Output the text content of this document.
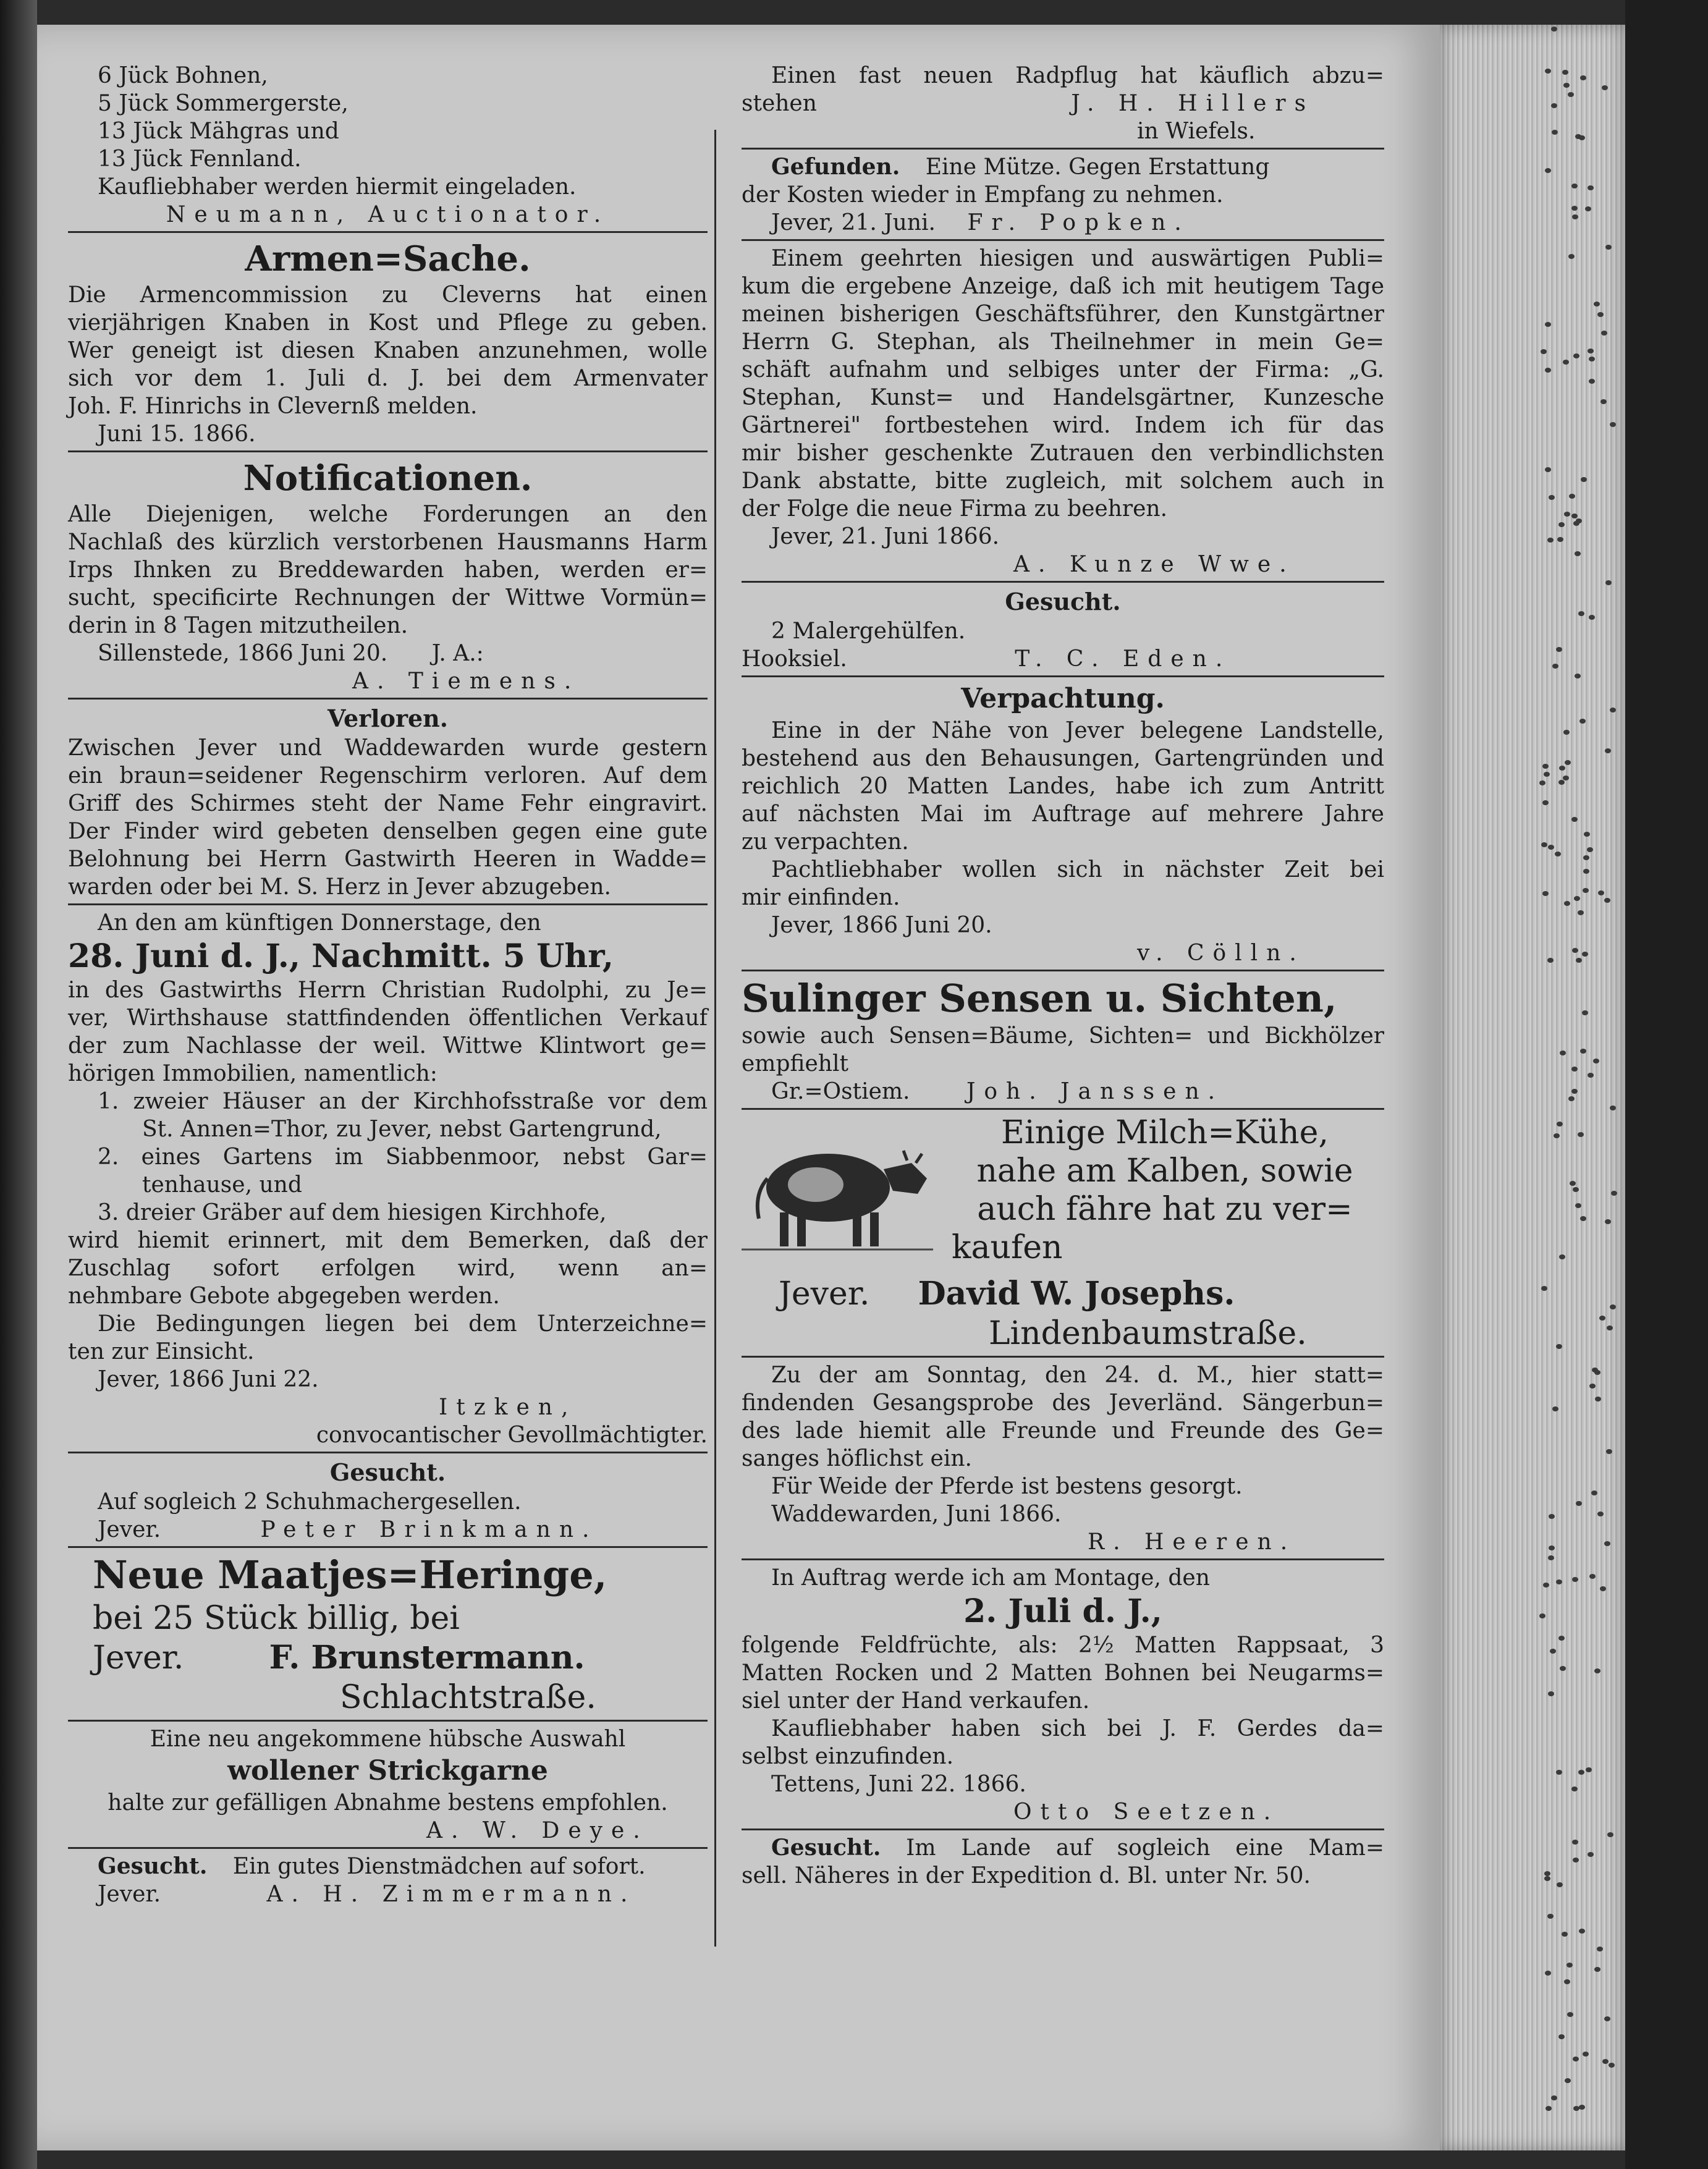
6 Jück Bohnen,
5 Jück Sommergerste,
13 Jück Mähgras und
13 Jück Fennland.
Kaufliebhaber werden hiermit eingeladen.
Neumann, Auctionator.
Armen=Sache.
Die Armencommission zu Cleverns hat einen
vierjährigen Knaben in Kost und Pflege zu geben.
Wer geneigt ist diesen Knaben anzunehmen, wolle
sich vor dem 1. Juli d. J. bei dem Armenvater
Joh. F. Hinrichs in Clevernß melden.
Juni 15. 1866.
Notificationen.
Alle Diejenigen, welche Forderungen an den
Nachlaß des kürzlich verstorbenen Hausmanns Harm
Irps Ihnken zu Breddewarden haben, werden er=
sucht, specificirte Rechnungen der Wittwe Vormün=
derin in 8 Tagen mitzutheilen.
Sillenstede, 1866 Juni 20. J. A.:
A. Tiemens.
Verloren.
Zwischen Jever und Waddewarden wurde gestern
ein braun=seidener Regenschirm verloren. Auf dem
Griff des Schirmes steht der Name Fehr eingravirt.
Der Finder wird gebeten denselben gegen eine gute
Belohnung bei Herrn Gastwirth Heeren in Wadde=
warden oder bei M. S. Herz in Jever abzugeben.
An den am künftigen Donnerstage, den
28. Juni d. J., Nachmitt. 5 Uhr,
in des Gastwirths Herrn Christian Rudolphi, zu Je=
ver, Wirthshause stattfindenden öffentlichen Verkauf
der zum Nachlasse der weil. Wittwe Klintwort ge=
hörigen Immobilien, namentlich:
1. zweier Häuser an der Kirchhofsstraße vor dem
St. Annen=Thor, zu Jever, nebst Gartengrund,
2. eines Gartens im Siabbenmoor, nebst Gar=
tenhause, und
3. dreier Gräber auf dem hiesigen Kirchhofe,
wird hiemit erinnert, mit dem Bemerken, daß der
Zuschlag sofort erfolgen wird, wenn an=
nehmbare Gebote abgegeben werden.
Die Bedingungen liegen bei dem Unterzeichne=
ten zur Einsicht.
Jever, 1866 Juni 22.
Itzken,
convocantischer Gevollmächtigter.
Gesucht.
Auf sogleich 2 Schuhmachergesellen.
Jever.	Peter Brinkmann.
Neue Maatjes=Heringe,
bei 25 Stück billig, bei
Jever.	F. Brunstermann.
Schlachtstraße.
Eine neu angekommene hübsche Auswahl
wollener Strickgarne
halte zur gefälligen Abnahme bestens empfohlen.
A. W. Deye.
Gesucht. Ein gutes Dienstmädchen auf sofort.
Jever.	A. H. Zimmermann.
Einen fast neuen Radpflug hat käuflich abzu=
stehen	J. H. Hillers
in Wiefels.
Gefunden. Eine Mütze. Gegen Erstattung
der Kosten wieder in Empfang zu nehmen.
Jever, 21. Juni. Fr. Popken.
Einem geehrten hiesigen und auswärtigen Publi=
kum die ergebene Anzeige, daß ich mit heutigem Tage
meinen bisherigen Geschäftsführer, den Kunstgärtner
Herrn G. Stephan, als Theilnehmer in mein Ge=
schäft aufnahm und selbiges unter der Firma: „G.
Stephan, Kunst= und Handelsgärtner, Kunzesche
Gärtnerei" fortbestehen wird. Indem ich für das
mir bisher geschenkte Zutrauen den verbindlichsten
Dank abstatte, bitte zugleich, mit solchem auch in
der Folge die neue Firma zu beehren.
Jever, 21. Juni 1866.
A. Kunze Wwe.
Gesucht.
2 Malergehülfen.
Hooksiel.	T. C. Eden.
Verpachtung.
Eine in der Nähe von Jever belegene Landstelle,
bestehend aus den Behausungen, Gartengründen und
reichlich 20 Matten Landes, habe ich zum Antritt
auf nächsten Mai im Auftrage auf mehrere Jahre
zu verpachten.
Pachtliebhaber wollen sich in nächster Zeit bei
mir einfinden.
Jever, 1866 Juni 20.
v. Cölln.
Sulinger Sensen u. Sichten,
sowie auch Sensen=Bäume, Sichten= und Bickhölzer
empfiehlt
Gr.=Ostiem.	Joh. Janssen.
Einige Milch=Kühe,
nahe am Kalben, sowie
auch fähre hat zu ver=
kaufen
Jever. David W. Josephs.
Lindenbaumstraße.
Zu der am Sonntag, den 24. d. M., hier statt=
findenden Gesangsprobe des Jeverländ. Sängerbun=
des lade hiemit alle Freunde und Freunde des Ge=
sanges höflichst ein.
Für Weide der Pferde ist bestens gesorgt.
Waddewarden, Juni 1866.
R. Heeren.
In Auftrag werde ich am Montage, den
2. Juli d. J.,
folgende Feldfrüchte, als: 2½ Matten Rappsaat, 3
Matten Rocken und 2 Matten Bohnen bei Neugarms=
siel unter der Hand verkaufen.
Kaufliebhaber haben sich bei J. F. Gerdes da=
selbst einzufinden.
Tettens, Juni 22. 1866.
Otto Seetzen.
Gesucht. Im Lande auf sogleich eine Mam=
sell. Näheres in der Expedition d. Bl. unter Nr. 50.
